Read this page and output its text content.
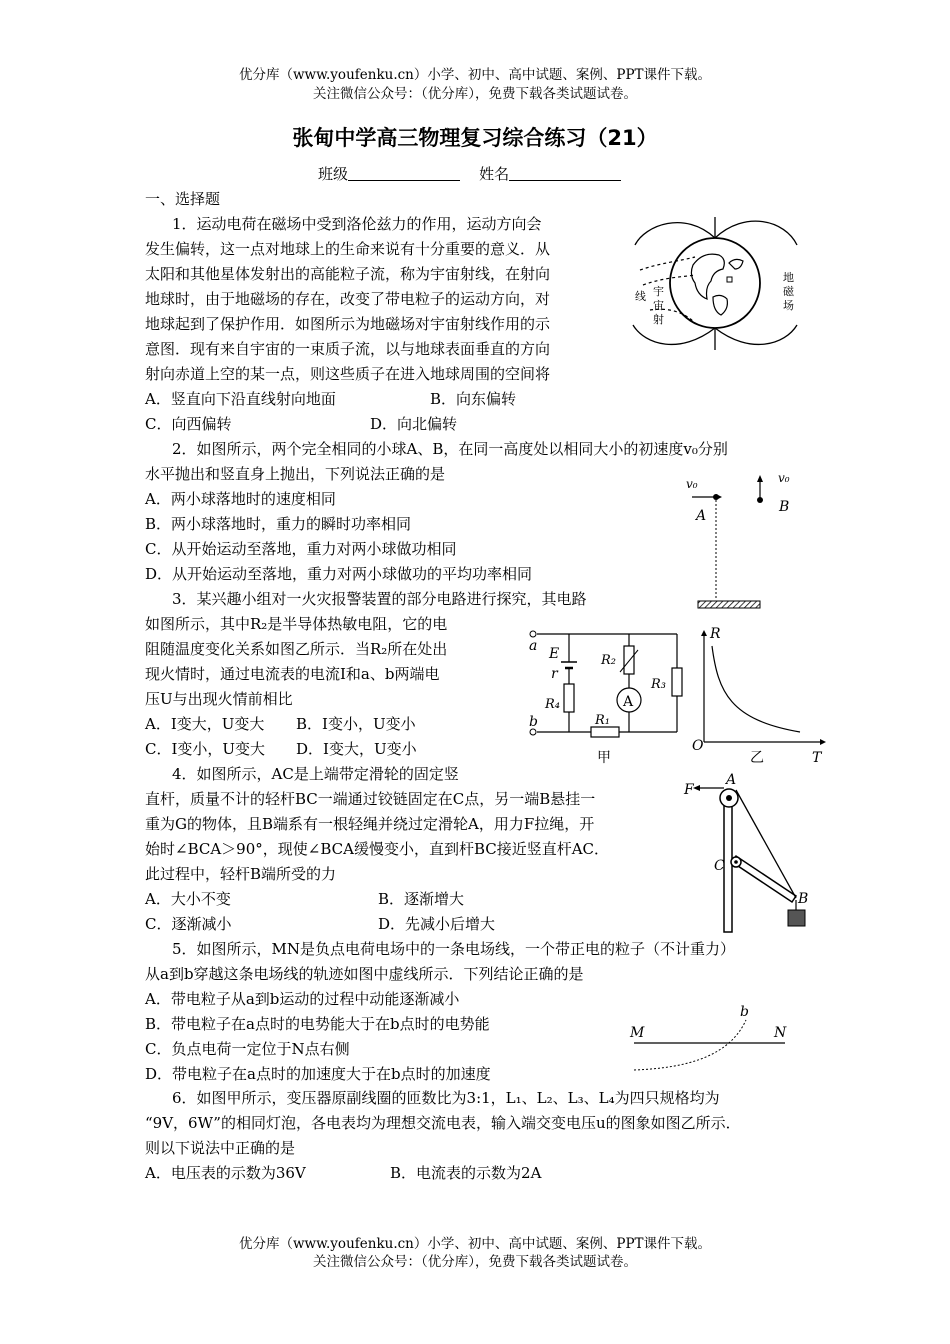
优分库（www.youfenku.cn）小学、初中、高中试题、案例、PPT课件下载。
关注微信公众号：（优分库），免费下载各类试题试卷。
张甸中学高三物理复习综合练习（21）
班级	姓名
一、选择题
1．运动电荷在磁场中受到洛伦兹力的作用，运动方向会
发生偏转，这一点对地球上的生命来说有十分重要的意义．从
太阳和其他星体发射出的高能粒子流，称为宇宙射线，在射向
地球时，由于地磁场的存在，改变了带电粒子的运动方向，对
地球起到了保护作用．如图所示为地磁场对宇宙射线作用的示
意图．现有来自宇宙的一束质子流，以与地球表面垂直的方向
射向赤道上空的某一点，则这些质子在进入地球周围的空间将
A．竖直向下沿直线射向地面	B．向东偏转
C．向西偏转	D．向北偏转
线 宇
宙
射
地
磁
场
2．如图所示，两个完全相同的小球A、B，在同一高度处以相同大小的初速度v₀分别
水平抛出和竖直身上抛出，下列说法正确的是
A．两小球落地时的速度相同
B．两小球落地时，重力的瞬时功率相同
C．从开始运动至落地，重力对两小球做功相同
D．从开始运动至落地，重力对两小球做功的平均功率相同
v₀
A
v₀
B
3．某兴趣小组对一火灾报警装置的部分电路进行探究，其电路
如图所示，其中R₂是半导体热敏电阻，它的电
阻随温度变化关系如图乙所示．当R₂所在处出
现火情时，通过电流表的电流I和a、b两端电
压U与出现火情前相比
A．I变大，U变大 B．I变小，U变小
C．I变小，U变大 D．I变大，U变小
a
b
E
r
R₄
R₂
A
R₃
R₁
甲
R
O
乙	T
4．如图所示，AC是上端带定滑轮的固定竖
直杆，质量不计的轻杆BC一端通过铰链固定在C点，另一端B悬挂一
重为G的物体，且B端系有一根轻绳并绕过定滑轮A，用力F拉绳，开
始时∠BCA＞90°，现使∠BCA缓慢变小，直到杆BC接近竖直杆AC．
此过程中，轻杆B端所受的力
A．大小不变	B．逐渐增大
C．逐渐减小	D．先减小后增大
A
F
C
B
5．如图所示，MN是负点电荷电场中的一条电场线，一个带正电的粒子（不计重力）
从a到b穿越这条电场线的轨迹如图中虚线所示．下列结论正确的是
A．带电粒子从a到b运动的过程中动能逐渐减小
B．带电粒子在a点时的电势能大于在b点时的电势能
C．负点电荷一定位于N点右侧
D．带电粒子在a点时的加速度大于在b点时的加速度
M	N
b
6．如图甲所示，变压器原副线圈的匝数比为3:1，L₁、L₂、L₃、L₄为四只规格均为
“9V，6W”的相同灯泡，各电表均为理想交流电表，输入端交变电压u的图象如图乙所示．
则以下说法中正确的是
A．电压表的示数为36V	B．电流表的示数为2A
优分库（www.youfenku.cn）小学、初中、高中试题、案例、PPT课件下载。
关注微信公众号：（优分库），免费下载各类试题试卷。
